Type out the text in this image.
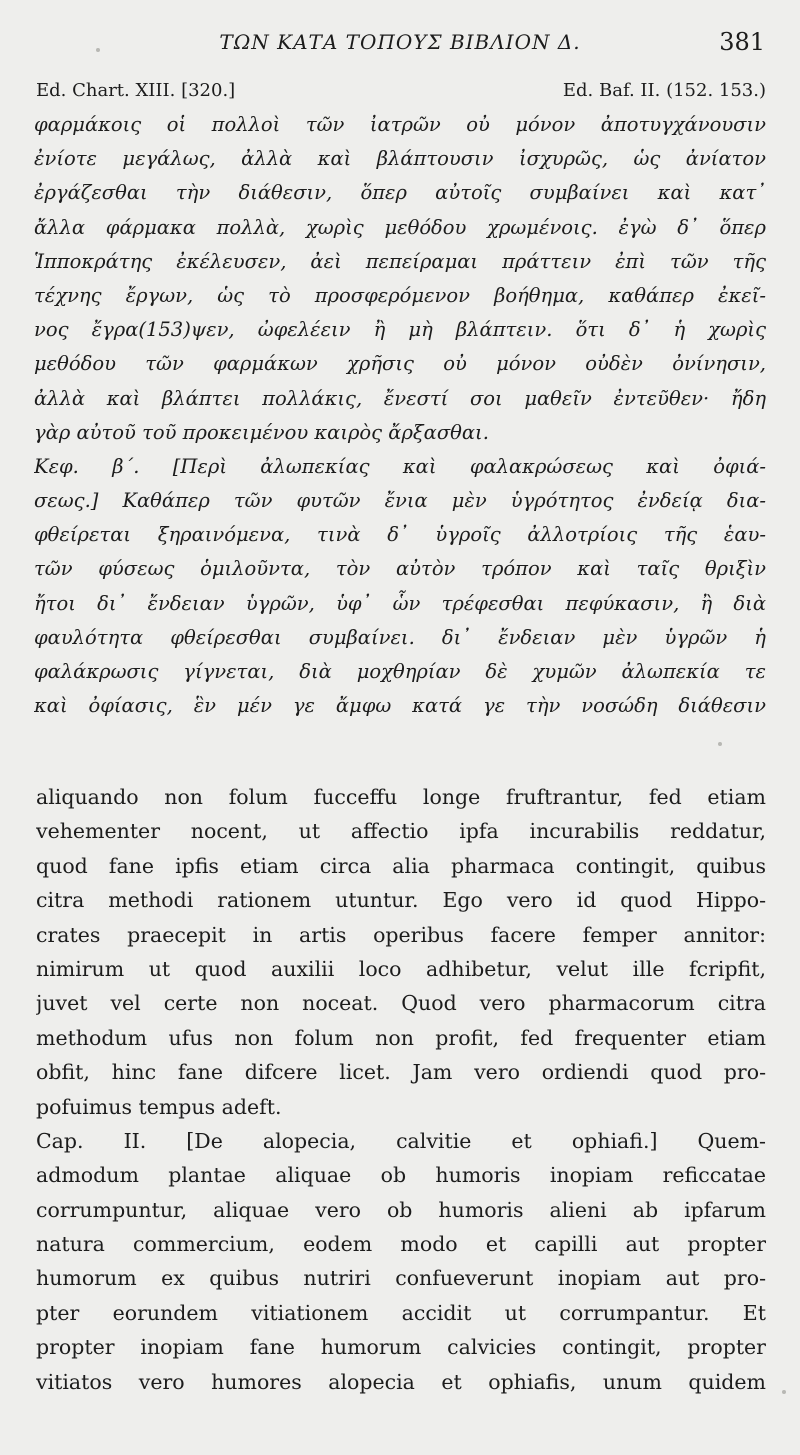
ΤΩΝ ΚΑΤΑ ΤΟΠΟΥΣ ΒΙΒΛΙΟΝ Δ.	381
Ed. Chart. XIII. [320.]	Ed. Baf. II. (152. 153.)
φαρμάκοις οἱ πολλοὶ τῶν ἰατρῶν οὐ μόνον ἀποτυγχάνουσιν
ἐνίοτε μεγάλως, ἀλλὰ καὶ βλάπτουσιν ἰσχυρῶς, ὡς ἀνίατον
ἐργάζεσθαι τὴν διάθεσιν, ὅπερ αὐτοῖς συμβαίνει καὶ κατ᾽
ἄλλα φάρμακα πολλὰ, χωρὶς μεθόδου χρωμένοις. ἐγὼ δ᾽ ὅπερ
Ἱπποκράτης ἐκέλευσεν, ἀεὶ πεπείραμαι πράττειν ἐπὶ τῶν τῆς
τέχνης ἔργων, ὡς τὸ προσφερόμενον βοήθημα, καθάπερ ἐκεῖ-
νος ἔγρα(153)ψεν, ὠφελέειν ἢ μὴ βλάπτειν. ὅτι δ᾽ ἡ χωρὶς
μεθόδου τῶν φαρμάκων χρῆσις οὐ μόνον οὐδὲν ὀνίνησιν,
ἀλλὰ καὶ βλάπτει πολλάκις, ἔνεστί σοι μαθεῖν ἐντεῦθεν· ἤδη
γὰρ αὐτοῦ τοῦ προκειμένου καιρὸς ἄρξασθαι.
Κεφ. β΄. [Περὶ ἀλωπεκίας καὶ φαλακρώσεως καὶ ὀφιά-
σεως.] Καθάπερ τῶν φυτῶν ἔνια μὲν ὑγρότητος ἐνδείᾳ δια-
φθείρεται ξηραινόμενα, τινὰ δ᾽ ὑγροῖς ἀλλοτρίοις τῆς ἑαυ-
τῶν φύσεως ὁμιλοῦντα, τὸν αὐτὸν τρόπον καὶ ταῖς θριξὶν
ἤτοι δι᾽ ἔνδειαν ὑγρῶν, ὑφ᾽ ὧν τρέφεσθαι πεφύκασιν, ἢ διὰ
φαυλότητα φθείρεσθαι συμβαίνει. δι᾽ ἔνδειαν μὲν ὑγρῶν ἡ
φαλάκρωσις γίγνεται, διὰ μοχθηρίαν δὲ χυμῶν ἀλωπεκία τε
καὶ ὀφίασις, ἓν μέν γε ἄμφω κατά γε τὴν νοσώδη διάθεσιν
aliquando non folum fucceffu longe fruftrantur, fed etiam
vehementer nocent, ut affectio ipfa incurabilis reddatur,
quod fane ipfis etiam circa alia pharmaca contingit, quibus
citra methodi rationem utuntur. Ego vero id quod Hippo-
crates praecepit in artis operibus facere femper annitor:
nimirum ut quod auxilii loco adhibetur, velut ille fcripfit,
juvet vel certe non noceat. Quod vero pharmacorum citra
methodum ufus non folum non profit, fed frequenter etiam
obfit, hinc fane difcere licet. Jam vero ordiendi quod pro-
pofuimus tempus adeft.
Cap. II. [De alopecia, calvitie et ophiafi.] Quem-
admodum plantae aliquae ob humoris inopiam reficcatae
corrumpuntur, aliquae vero ob humoris alieni ab ipfarum
natura commercium, eodem modo et capilli aut propter
humorum ex quibus nutriri confueverunt inopiam aut pro-
pter eorundem vitiationem accidit ut corrumpantur. Et
propter inopiam fane humorum calvicies contingit, propter
vitiatos vero humores alopecia et ophiafis, unum quidem
